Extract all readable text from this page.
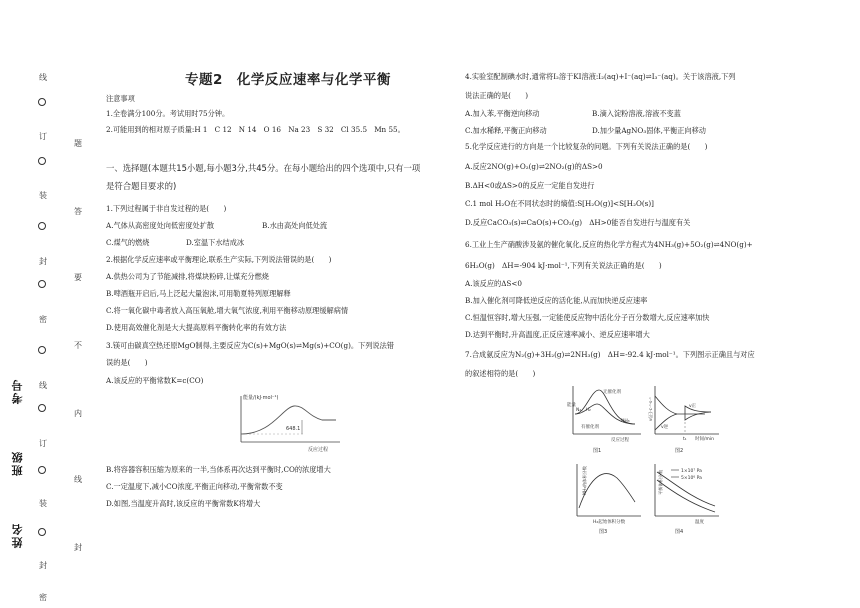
线
订
装
封
密
线
订
装
封
密
考号
班级
姓名
题
答
要
不
内
线
封
专题2　化学反应速率与化学平衡
注意事项
1.全卷满分100分。考试用时75分钟。
2.可能用到的相对原子质量:H 1　C 12　N 14　O 16　Na 23　S 32　Cl 35.5　Mn 55。
一、选择题(本题共15小题,每小题3分,共45分。在每小题给出的四个选项中,只有一项
是符合题目要求的)
1.下列过程属于非自发过程的是(　　)
A.气体从高密度处向低密度处扩散	B.水由高处向低处流
C.煤气的燃烧	D.室温下水结成冰
2.根据化学反应速率或平衡理论,联系生产实际,下列说法错误的是(　　)
A.供热公司为了节能减排,将煤块粉碎,让煤充分燃烧
B.啤酒瓶开启后,马上泛起大量泡沫,可用勒夏特列原理解释
C.将一氧化碳中毒者放入高压氧舱,增大氧气浓度,利用平衡移动原理缓解病情
D.使用高效催化剂是大大提高原料平衡转化率的有效方法
3.镁可由碳真空热还原MgO制得,主要反应为C(s)+MgO(s)⇌Mg(s)+CO(g)。下列说法错
误的是(　　)
A.该反应的平衡常数K=c(CO)
能量/(kJ·mol⁻¹)
648.1
反应过程
B.将容器容积压缩为原来的一半,当体系再次达到平衡时,CO的浓度增大
C.一定温度下,减小CO浓度,平衡正向移动,平衡常数不变
D.如图,当温度升高时,该反应的平衡常数K将增大
4.实验室配制碘水时,通常将I₂溶于KI溶液:I₂(aq)+I⁻(aq)⇌I₃⁻(aq)。关于该溶液,下列
说法正确的是(　　)
A.加入苯,平衡逆向移动	B.滴入淀粉溶液,溶液不变蓝
C.加水稀释,平衡正向移动	D.加少量AgNO₃固体,平衡正向移动
5.化学反应进行的方向是一个比较复杂的问题。下列有关说法正确的是(　　)
A.反应2NO(g)+O₂(g)⇌2NO₂(g)的ΔS>0
B.ΔH<0或ΔS>0的反应一定能自发进行
C.1 mol H₂O在不同状态时的熵值:S[H₂O(g)]<S[H₂O(s)]
D.反应CaCO₃(s)⇌CaO(s)+CO₂(g)　ΔH>0能否自发进行与温度有关
6.工业上生产硝酸涉及氨的催化氧化,反应的热化学方程式为4NH₃(g)+5O₂(g)⇌4NO(g)+
6H₂O(g)　ΔH=-904 kJ·mol⁻¹,下列有关说法正确的是(　　)
A.该反应的ΔS<0
B.加入催化剂可降低逆反应的活化能,从而加快逆反应速率
C.恒温恒容时,增大压强,一定能使反应物中活化分子百分数增大,反应速率加快
D.达到平衡时,升高温度,正反应速率减小、逆反应速率增大
7.合成氨反应为N₂(g)+3H₂(g)⇌2NH₃(g)　ΔH=-92.4 kJ·mol⁻¹。下列图示正确且与对应
的叙述相符的是(　　)
能量
无催化剂
N₂、H₂
有催化剂
NH₃
反应过程
图1
v(正)·c⁻¹·s⁻¹	v正
v逆
t₁ 时间/min
图2
NH₃的体积分数
H₂起始体积分数
图3
1×10⁷ Pa
5×10⁶ Pa
平衡体积分数
温度
图4
